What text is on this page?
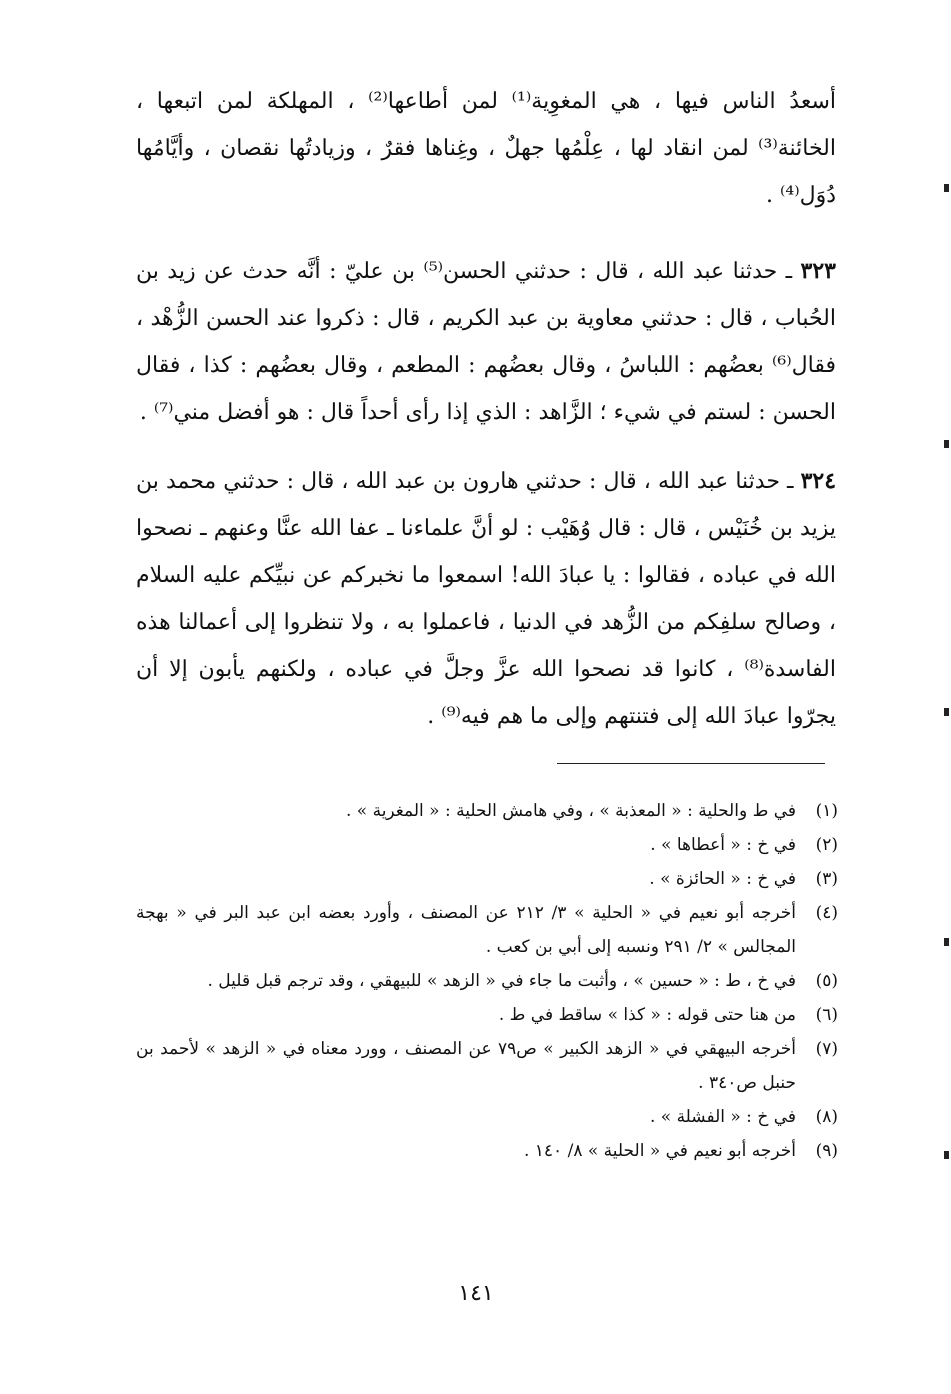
أسعدُ الناس فيها ، هي المغوِية⁽¹⁾ لمن أطاعها⁽²⁾ ، المهلكة لمن اتبعها ، الخائنة⁽³⁾ لمن انقاد لها ، عِلْمُها جهلٌ ، وغِناها فقرٌ ، وزيادتُها نقصان ، وأيَّامُها دُوَل⁽⁴⁾ .

٣٢٣ ـ حدثنا عبد الله ، قال : حدثني الحسن⁽⁵⁾ بن عليّ : أنَّه حدث عن زيد بن الحُباب ، قال : حدثني معاوية بن عبد الكريم ، قال : ذكروا عند الحسن الزُّهْد ، فقال⁽⁶⁾ بعضُهم : اللباسُ ، وقال بعضُهم : المطعم ، وقال بعضُهم : كذا ، فقال الحسن : لستم في شيء ؛ الزَّاهد : الذي إذا رأى أحداً قال : هو أفضل مني⁽⁷⁾ .

٣٢٤ ـ حدثنا عبد الله ، قال : حدثني هارون بن عبد الله ، قال : حدثني محمد بن يزيد بن خُنَيْس ، قال : قال وُهَيْب : لو أنَّ علماءنا ـ عفا الله عنَّا وعنهم ـ نصحوا الله في عباده ، فقالوا : يا عبادَ الله! اسمعوا ما نخبركم عن نبيِّكم عليه السلام ، وصالح سلفِكم من الزُّهد في الدنيا ، فاعملوا به ، ولا تنظروا إلى أعمالنا هذه الفاسدة⁽⁸⁾ ، كانوا قد نصحوا الله عزَّ وجلَّ في عباده ، ولكنهم يأبون إلا أن يجرّوا عبادَ الله إلى فتنتهم وإلى ما هم فيه⁽⁹⁾ .

(١)
في ط والحلية : « المعذبة » ، وفي هامش الحلية : « المغرية » .
(٢)
في خ : « أعطاها » .
(٣)
في خ : « الحائزة » .
(٤)
أخرجه أبو نعيم في « الحلية » ٣/ ٢١٢ عن المصنف ، وأورد بعضه ابن عبد البر في « بهجة المجالس » ٢/ ٢٩١ ونسبه إلى أبي بن كعب .
(٥)
في خ ، ط : « حسين » ، وأثبت ما جاء في « الزهد » للبيهقي ، وقد ترجم قبل قليل .
(٦)
من هنا حتى قوله : « كذا » ساقط في ط .
(٧)
أخرجه البيهقي في « الزهد الكبير » ص٧٩ عن المصنف ، وورد معناه في « الزهد » لأحمد بن حنبل ص٣٤٠ .
(٨)
في خ : « الفشلة » .
(٩)
أخرجه أبو نعيم في « الحلية » ٨/ ١٤٠ .
١٤١
